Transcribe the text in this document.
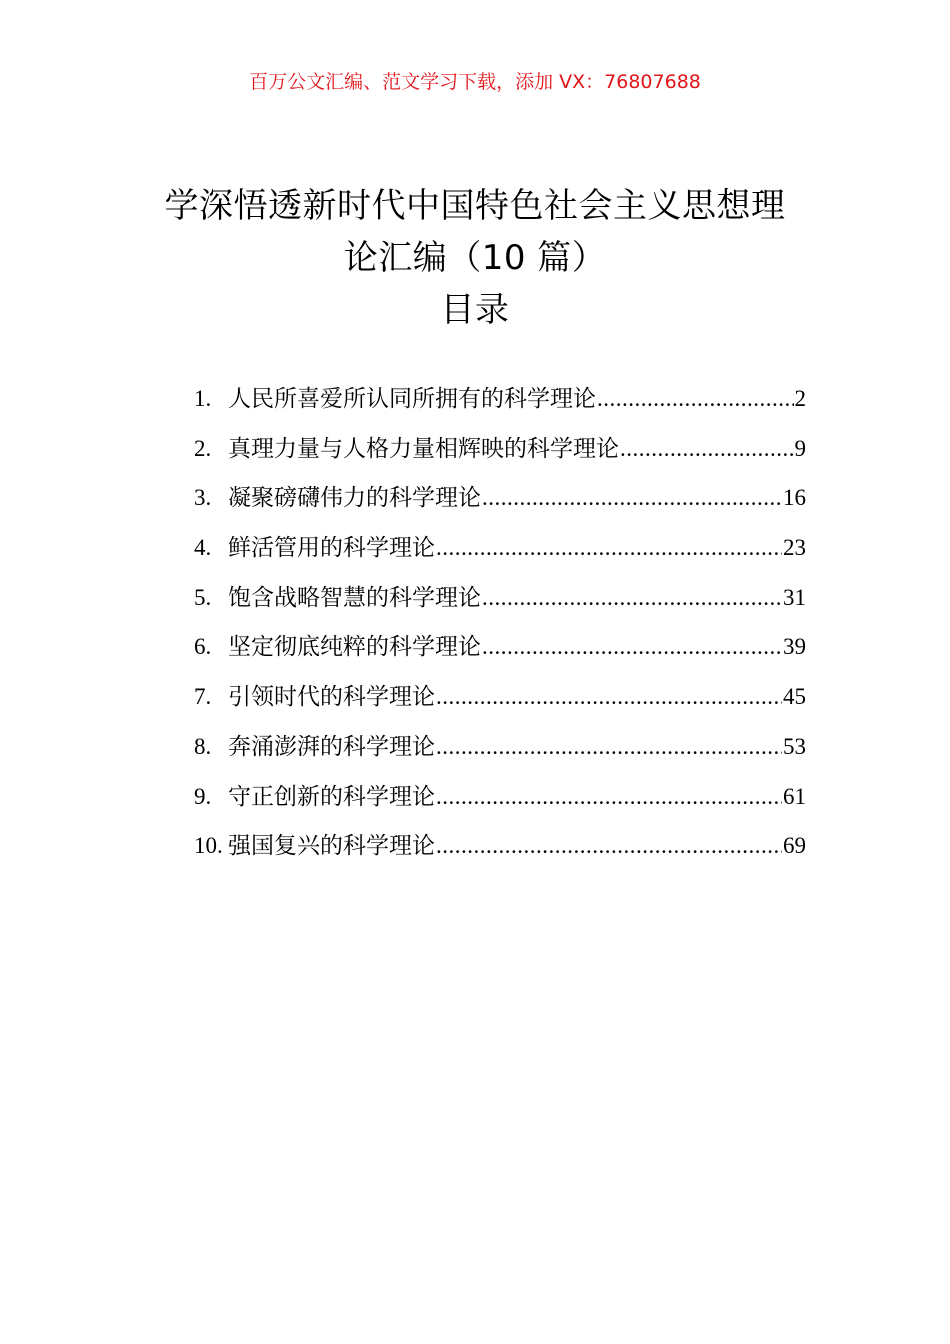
百万公文汇编、范文学习下载，添加 VX：76807688
学深悟透新时代中国特色社会主义思想理
论汇编（10 篇）
目录
1. 人民所喜爱所认同所拥有的科学理论 .....	2
2. 真理力量与人格力量相辉映的科学理论 .....	9
3. 凝聚磅礴伟力的科学理论 .....	16
4. 鲜活管用的科学理论 .....	23
5. 饱含战略智慧的科学理论 .....	31
6. 坚定彻底纯粹的科学理论 .....	39
7. 引领时代的科学理论 .....	45
8. 奔涌澎湃的科学理论 .....	53
9. 守正创新的科学理论 .....	61
10. 强国复兴的科学理论 .....	69
